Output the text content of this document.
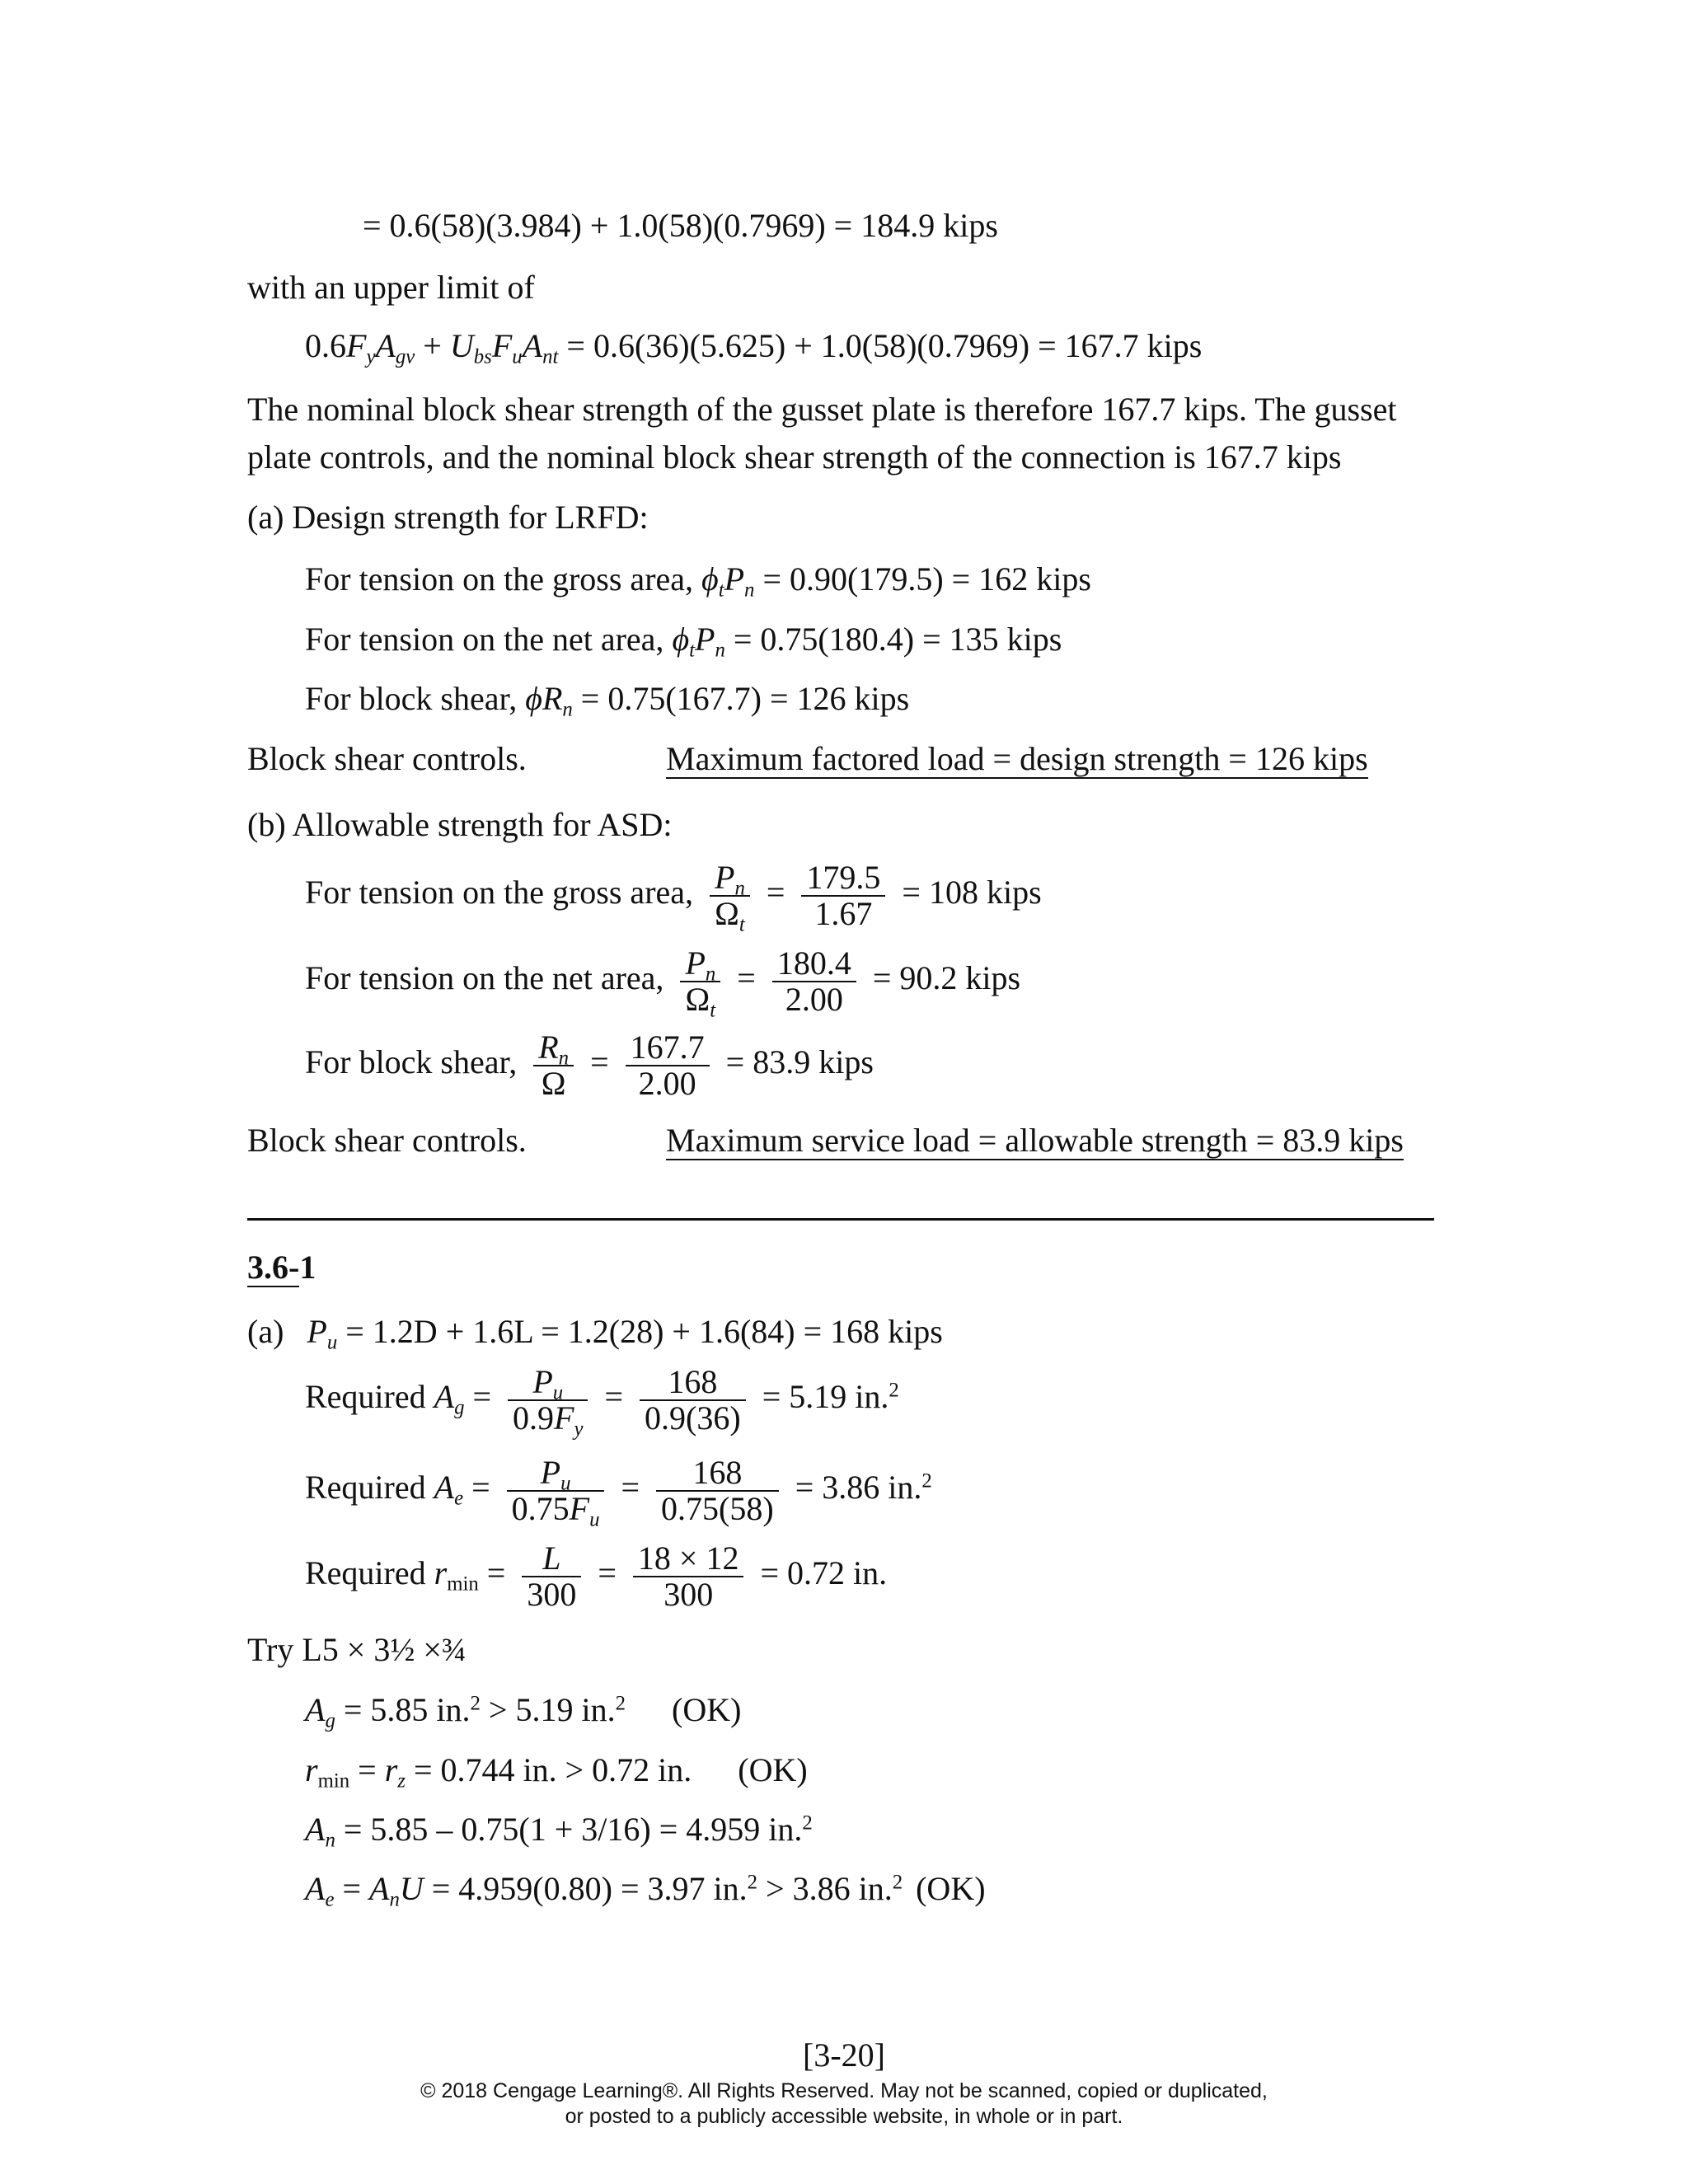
= 0.6(58)(3.984) + 1.0(58)(0.7969) = 184.9 kips
with an upper limit of
$0.6F_yA_{gv} + U_{bs}F_uA_{nt} = 0.6(36)(5.625) + 1.0(58)(0.7969) = 167.7$ kips
The nominal block shear strength of the gusset plate is therefore 167.7 kips. The gusset
plate controls, and the nominal block shear strength of the connection is 167.7 kips
(a) Design strength for LRFD:
For tension on the gross area, $\phi_tP_n = 0.90(179.5) = 162$ kips
For tension on the net area, $\phi_tP_n = 0.75(180.4) = 135$ kips
For block shear, $\phi R_n = 0.75(167.7) = 126$ kips
Block shear controls.	Maximum factored load = design strength = 126 kips
(b) Allowable strength for ASD:
For tension on the gross area, $\frac{P_n}{\Omega_t} = \frac{179.5}{1.67} = 108$ kips
For tension on the net area, $\frac{P_n}{\Omega_t} = \frac{180.4}{2.00} = 90.2$ kips
For block shear, $\frac{R_n}{\Omega} = \frac{167.7}{2.00} = 83.9$ kips
Block shear controls.	Maximum service load = allowable strength = 83.9 kips
3.6-1
(a) $P_u = 1.2D + 1.6L = 1.2(28) + 1.6(84) = 168$ kips
Required $A_g = \frac{P_u}{0.9F_y} = \frac{168}{0.9(36)} = 5.19$ in.$^2$
Required $A_e = \frac{P_u}{0.75F_u} = \frac{168}{0.75(58)} = 3.86$ in.$^2$
Required $r_{min} = \frac{L}{300} = \frac{18 \times 12}{300} = 0.72$ in.
Try L5 × 3½ ×¾
$A_g = 5.85$ in.$^2$ > 5.19 in.$^2$ (OK)
$r_{min} = r_z = 0.744$ in. > 0.72 in. (OK)
$A_n = 5.85 - 0.75(1 + 3/16) = 4.959$ in.$^2$
$A_e = A_nU = 4.959(0.80) = 3.97$ in.$^2$ > 3.86 in.$^2$ (OK)
[3-20]
© 2018 Cengage Learning®. All Rights Reserved. May not be scanned, copied or duplicated,
or posted to a publicly accessible website, in whole or in part.
